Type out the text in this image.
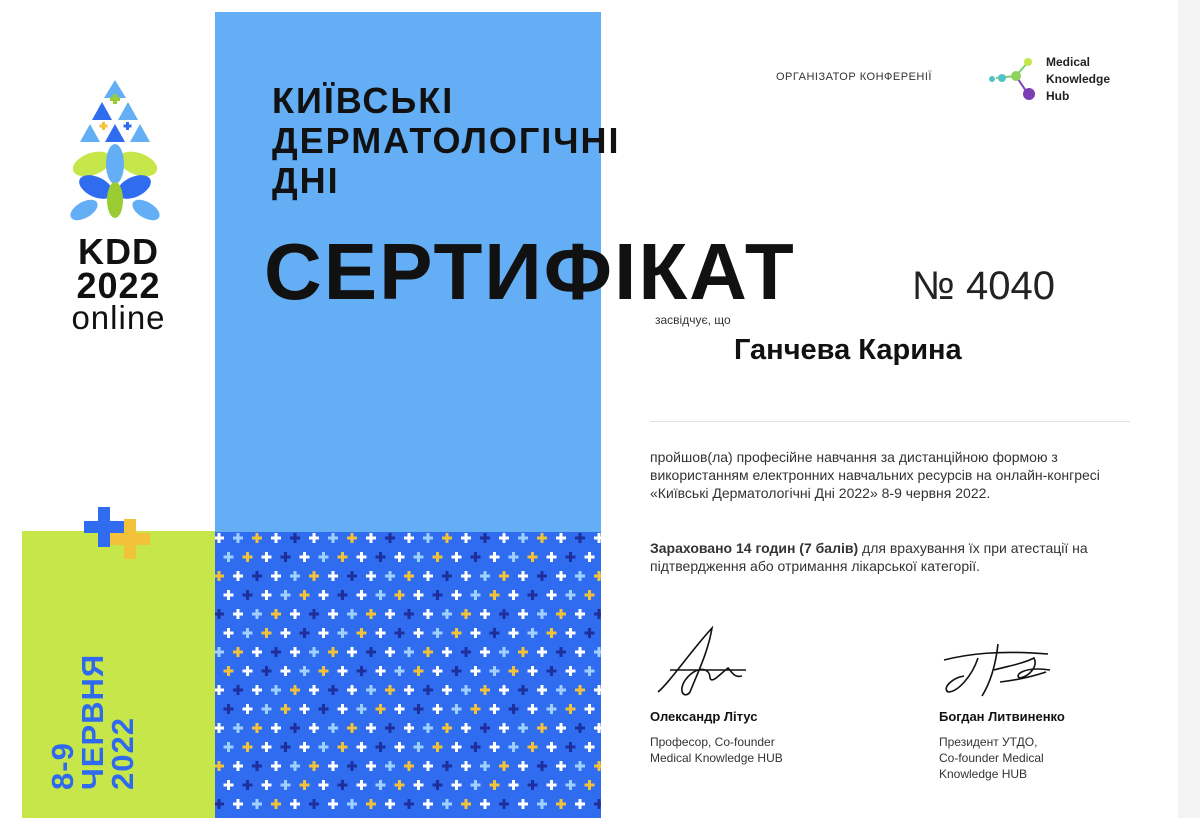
KDD
2022
online
8-9
ЧЕРВНЯ
2022
КИЇВСЬКІ
ДЕРМАТОЛОГІЧНІ
ДНІ
ОРГАНІЗАТОР КОНФЕРЕНІЇ
Medical
Knowledge
Hub
СЕРТИФІКАТ	№ 4040
засвідчує, що
Ганчева Карина
пройшов(ла) професійне навчання за дистанційною формою з використанням електронних навчальних ресурсів на онлайн-конгресі «Київські Дерматологічні Дні 2022» 8-9 червня 2022.
Зараховано 14 годин (7 балів) для врахування їх при атестації на підтвердження або отримання лікарської категорії.
Олександр Літус
Професор, Co-founder
Medical Knowledge HUB
Богдан Литвиненко
Президент УТДО,
Co-founder Medical
Knowledge HUB
